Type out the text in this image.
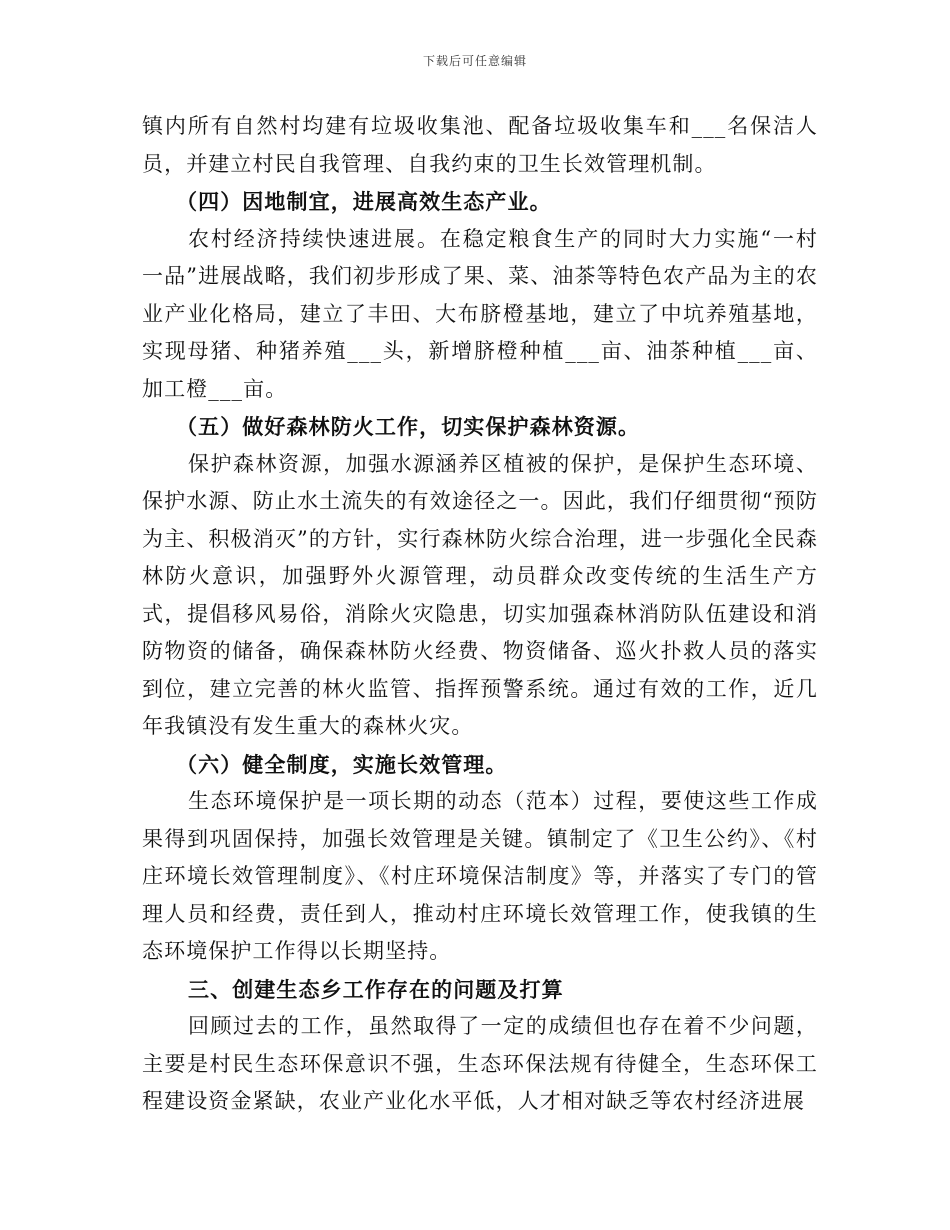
下载后可任意编辑

镇内所有自然村均建有垃圾收集池、配备垃圾收集车和___名保洁人员，并建立村民自我管理、自我约束的卫生长效管理机制。

（四）因地制宜，进展高效生态产业。

农村经济持续快速进展。在稳定粮食生产的同时大力实施“一村一品”进展战略，我们初步形成了果、菜、油茶等特色农产品为主的农业产业化格局，建立了丰田、大布脐橙基地，建立了中坑养殖基地，实现母猪、种猪养殖___头，新增脐橙种植___亩、油茶种植___亩、加工橙___亩。

（五）做好森林防火工作，切实保护森林资源。

保护森林资源，加强水源涵养区植被的保护，是保护生态环境、保护水源、防止水土流失的有效途径之一。因此，我们仔细贯彻“预防为主、积极消灭”的方针，实行森林防火综合治理，进一步强化全民森林防火意识，加强野外火源管理，动员群众改变传统的生活生产方式，提倡移风易俗，消除火灾隐患，切实加强森林消防队伍建设和消防物资的储备，确保森林防火经费、物资储备、巡火扑救人员的落实到位，建立完善的林火监管、指挥预警系统。通过有效的工作，近几年我镇没有发生重大的森林火灾。

（六）健全制度，实施长效管理。

生态环境保护是一项长期的动态（范本）过程，要使这些工作成果得到巩固保持，加强长效管理是关键。镇制定了《卫生公约》、《村庄环境长效管理制度》、《村庄环境保洁制度》等，并落实了专门的管理人员和经费，责任到人，推动村庄环境长效管理工作，使我镇的生态环境保护工作得以长期坚持。

三、创建生态乡工作存在的问题及打算

回顾过去的工作，虽然取得了一定的成绩但也存在着不少问题，主要是村民生态环保意识不强，生态环保法规有待健全，生态环保工程建设资金紧缺，农业产业化水平低，人才相对缺乏等农村经济进展
